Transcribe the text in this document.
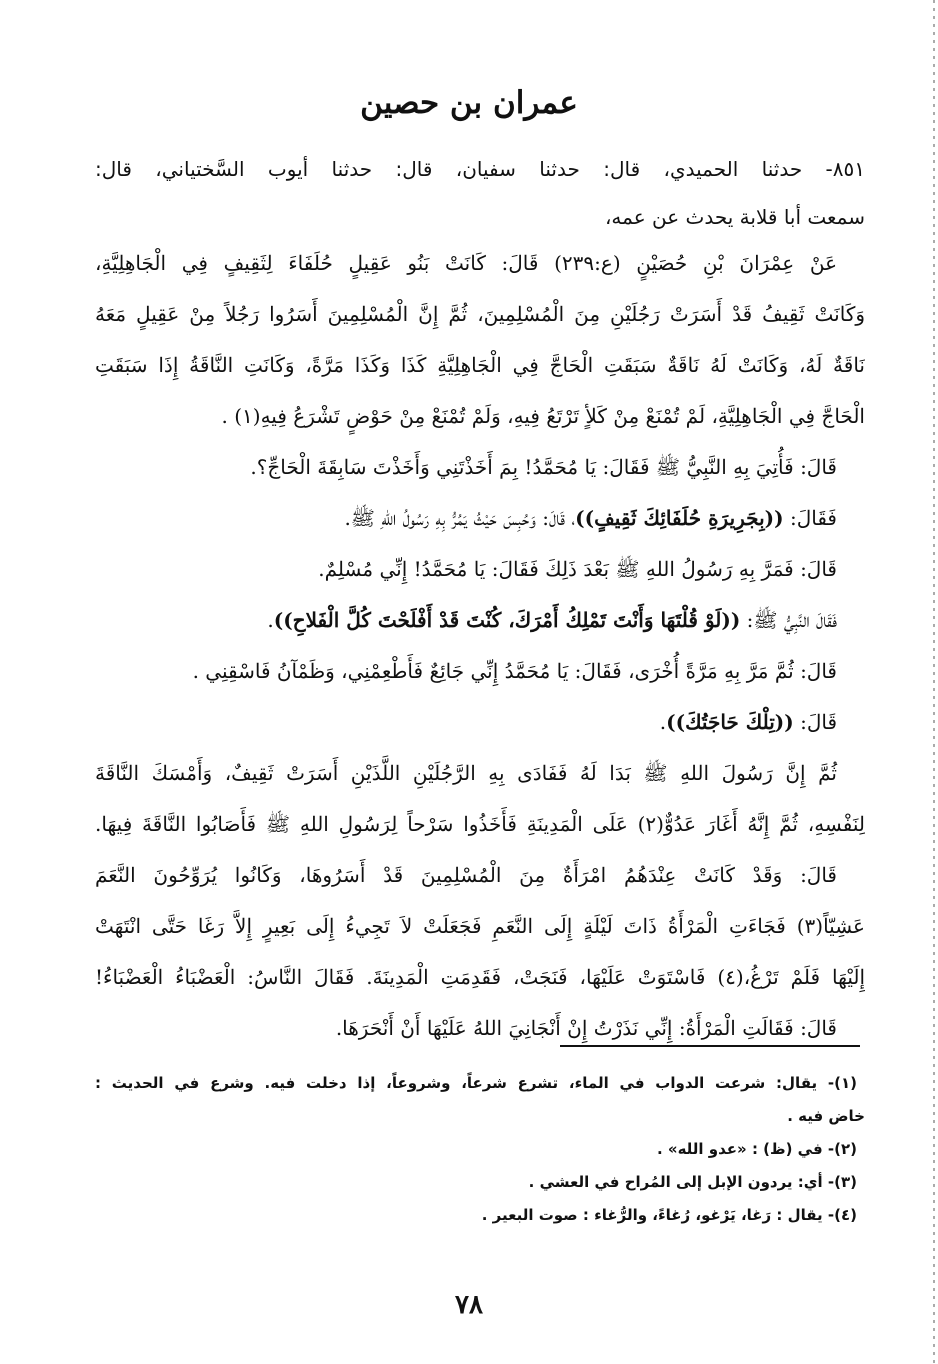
عمران بن حصين
٨٥١- حدثنا الحميدي، قال: حدثنا سفيان، قال: حدثنا أيوب السَّختياني، قال:
سمعت أبا قلابة يحدث عن عمه،
عَنْ عِمْرَانَ بْنِ حُصَيْنٍ (ع:٢٣٩) قَالَ: كَانَتْ بَنُو عَقِيلٍ حُلَفَاءَ لِثَقِيفٍ فِي الْجَاهِلِيَّةِ،
وَكَانَتْ ثَقِيفُ قَدْ أَسَرَتْ رَجُلَيْنِ مِنَ الْمُسْلِمِينَ، ثُمَّ إِنَّ الْمُسْلِمِينَ أَسَرُوا رَجُلاً مِنْ عَقِيلٍ مَعَهُ
نَاقَةٌ لَهُ، وَكَانَتْ لَهُ نَاقَةٌ سَبَقَتِ الْحَاجَّ فِي الْجَاهِلِيَّةِ كَذَا وَكَذَا مَرَّةً، وَكَانَتِ النَّاقَةُ إِذَا سَبَقَتِ
الْحَاجَّ فِي الْجَاهِلِيَّةِ، لَمْ تُمْنَعْ مِنْ كَلأٍ تَرْتَعُ فِيهِ، وَلَمْ تُمْنَعْ مِنْ حَوْضٍ تَشْرَعُ فِيهِ(١) .
قَالَ: فَأُتِيَ بِهِ النَّبِيُّ ﷺ فَقَالَ: يَا مُحَمَّدُ! بِمَ أَخَذْتَنِي وَأَخَذْتَ سَابِقَةَ الْحَاجِّ؟.
فَقَالَ: ((بِجَرِيرَةِ حُلَفَائِكَ ثَقِيفٍ))، قَالَ: وَحُبِسَ حَيْثُ يَمُرُّ بِهِ رَسُولُ اللهِ ﷺ.
قَالَ: فَمَرَّ بِهِ رَسُولُ اللهِ ﷺ بَعْدَ ذَلِكَ فَقَالَ: يَا مُحَمَّدُ! إِنِّي مُسْلِمٌ.
فَقَالَ النَّبِيُّ ﷺ: ((لَوْ قُلْتَهَا وَأَنْتَ تَمْلِكُ أَمْرَكَ، كُنْتَ قَدْ أَفْلَحْتَ كُلَّ الْفَلاحِ)).
قَالَ: ثُمَّ مَرَّ بِهِ مَرَّةً أُخْرَى، فَقَالَ: يَا مُحَمَّدُ إِنِّي جَائِعٌ فَأَطْعِمْنِي، وَظَمْآنُ فَاسْقِنِي .
قَالَ: ((تِلْكَ حَاجَتُكَ)).
ثُمَّ إِنَّ رَسُولَ اللهِ ﷺ بَدَا لَهُ فَفَادَى بِهِ الرَّجُلَيْنِ اللَّذَيْنِ أَسَرَتْ ثَقِيفٌ، وَأَمْسَكَ النَّاقَةَ
لِنَفْسِهِ، ثُمَّ إِنَّهُ أَغَارَ عَدُوٌّ(٢) عَلَى الْمَدِينَةِ فَأَخَذُوا سَرْحاً لِرَسُولِ اللهِ ﷺ فَأَصَابُوا النَّاقَةَ فِيهَا.
قَالَ: وَقَدْ كَانَتْ عِنْدَهُمُ امْرَأَةٌ مِنَ الْمُسْلِمِينَ قَدْ أَسَرُوهَا، وَكَانُوا يُرَوِّحُونَ النَّعَمَ
عَشِيّاً(٣) فَجَاءَتِ الْمَرْأَةُ ذَاتَ لَيْلَةٍ إِلَى النَّعَمِ فَجَعَلَتْ لاَ تَجِيءُ إِلَى بَعِيرٍ إِلاَّ رَغَا حَتَّى انْتَهَتْ
إِلَيْهَا فَلَمْ تَرْغُ،(٤) فَاسْتَوَتْ عَلَيْهَا، فَنَجَتْ، فَقَدِمَتِ الْمَدِينَةَ. فَقَالَ النَّاسُ: الْعَضْبَاءُ الْعَضْبَاءُ!
قَالَ: فَقَالَتِ الْمَرْأَةُ: إِنِّي نَذَرْتُ إِنْ أَنْجَانِيَ اللهُ عَلَيْهَا أَنْ أَنْحَرَهَا.
(١)- يقال: شرعت الدواب في الماء، تشرع شرعاً، وشروعاً، إذا دخلت فيه. وشرع في الحديث :
خاض فيه .
(٢)- في (ظ) : «عدو الله» .
(٣)- أي: يردون الإبل إلى المُراح في العشي .
(٤)- يقال : رَغا، يَرْغو، رُغاءً، والرُّغاء : صوت البعير .
٧٨
